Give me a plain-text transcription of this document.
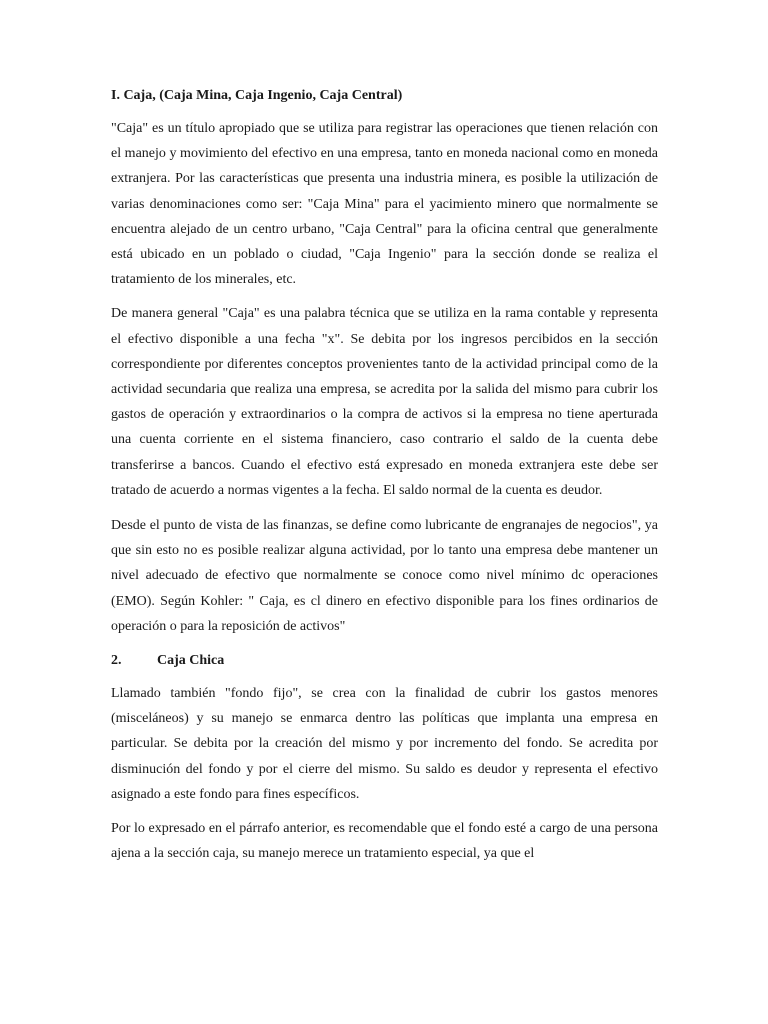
I. Caja, (Caja Mina, Caja Ingenio, Caja Central)

"Caja" es un título apropiado que se utiliza para registrar las operaciones que tienen relación con el manejo y movimiento del efectivo en una empresa, tanto en moneda nacional como en moneda extranjera. Por las características que presenta una industria minera, es posible la utilización de varias denominaciones como ser: "Caja Mina" para el yacimiento minero que normalmente se encuentra alejado de un centro urbano, "Caja Central" para la oficina central que generalmente está ubicado en un poblado o ciudad, "Caja Ingenio" para la sección donde se realiza el tratamiento de los minerales, etc.

De manera general "Caja" es una palabra técnica que se utiliza en la rama contable y representa el efectivo disponible a una fecha "x". Se debita por los ingresos percibidos en la sección correspondiente por diferentes conceptos provenientes tanto de la actividad principal como de la actividad secundaria que realiza una empresa, se acredita por la salida del mismo para cubrir los gastos de operación y extraordinarios o la compra de activos si la empresa no tiene aperturada una cuenta corriente en el sistema financiero, caso contrario el saldo de la cuenta debe transferirse a bancos. Cuando el efectivo está expresado en moneda extranjera este debe ser tratado de acuerdo a normas vigentes a la fecha. El saldo normal de la cuenta es deudor.

Desde el punto de vista de las finanzas, se define como lubricante de engranajes de negocios", ya que sin esto no es posible realizar alguna actividad, por lo tanto una empresa debe mantener un nivel adecuado de efectivo que normalmente se conoce como nivel mínimo dc operaciones (EMO). Según Kohler: " Caja, es cl dinero en efectivo disponible para los fines ordinarios de operación o para la reposición de activos"

2.	Caja Chica

Llamado también "fondo fijo", se crea con la finalidad de cubrir los gastos menores (misceláneos) y su manejo se enmarca dentro las políticas que implanta una empresa en particular. Se debita por la creación del mismo y por incremento del fondo. Se acredita por disminución del fondo y por el cierre del mismo. Su saldo es deudor y representa el efectivo asignado a este fondo para fines específicos.

Por lo expresado en el párrafo anterior, es recomendable que el fondo esté a cargo de una persona ajena a la sección caja, su manejo merece un tratamiento especial, ya que el
